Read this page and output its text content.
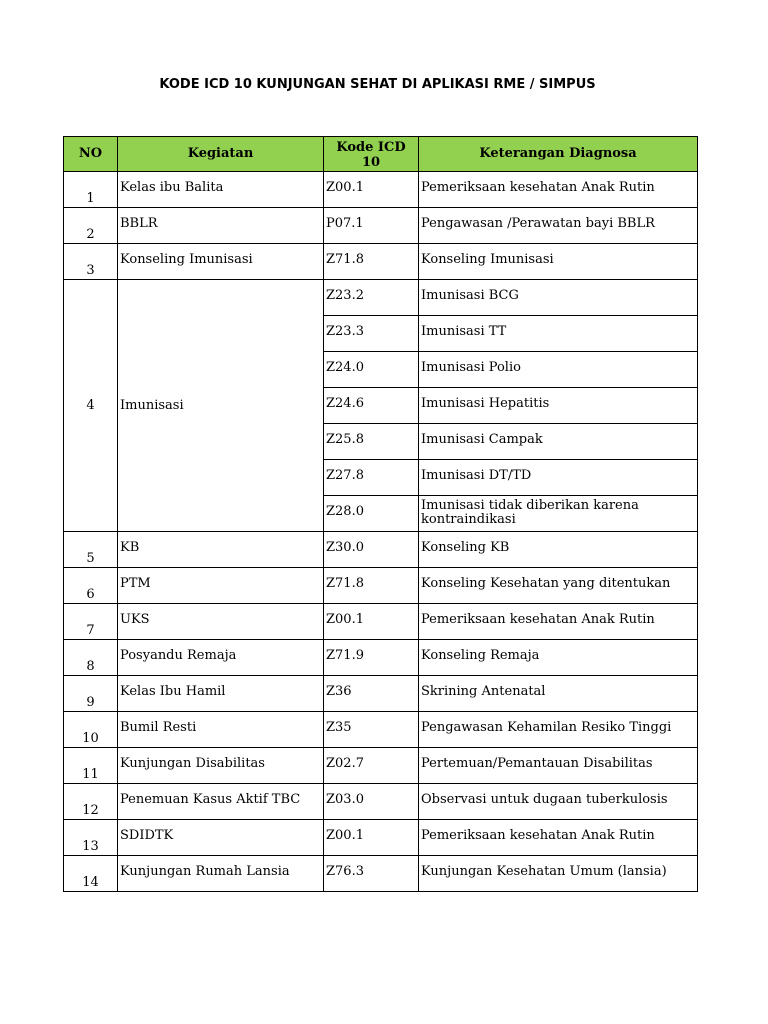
KODE ICD 10 KUNJUNGAN SEHAT DI APLIKASI RME / SIMPUS
NO	Kegiatan	Kode ICD 10	Keterangan Diagnosa
1	Kelas ibu Balita	Z00.1	Pemeriksaan kesehatan Anak Rutin
2	BBLR	P07.1	Pengawasan /Perawatan bayi BBLR
3	Konseling Imunisasi	Z71.8	Konseling Imunisasi
4	Imunisasi	Z23.2	Imunisasi BCG
		Z23.3	Imunisasi TT
		Z24.0	Imunisasi Polio
		Z24.6	Imunisasi Hepatitis
		Z25.8	Imunisasi Campak
		Z27.8	Imunisasi DT/TD
		Z28.0	Imunisasi tidak diberikan karena kontraindikasi
5	KB	Z30.0	Konseling KB
6	PTM	Z71.8	Konseling Kesehatan yang ditentukan
7	UKS	Z00.1	Pemeriksaan kesehatan Anak Rutin
8	Posyandu Remaja	Z71.9	Konseling Remaja
9	Kelas Ibu Hamil	Z36	Skrining Antenatal
10	Bumil Resti	Z35	Pengawasan Kehamilan Resiko Tinggi
11	Kunjungan Disabilitas	Z02.7	Pertemuan/Pemantauan Disabilitas
12	Penemuan Kasus Aktif TBC	Z03.0	Observasi untuk dugaan tuberkulosis
13	SDIDTK	Z00.1	Pemeriksaan kesehatan Anak Rutin
14	Kunjungan Rumah Lansia	Z76.3	Kunjungan Kesehatan Umum (lansia)
